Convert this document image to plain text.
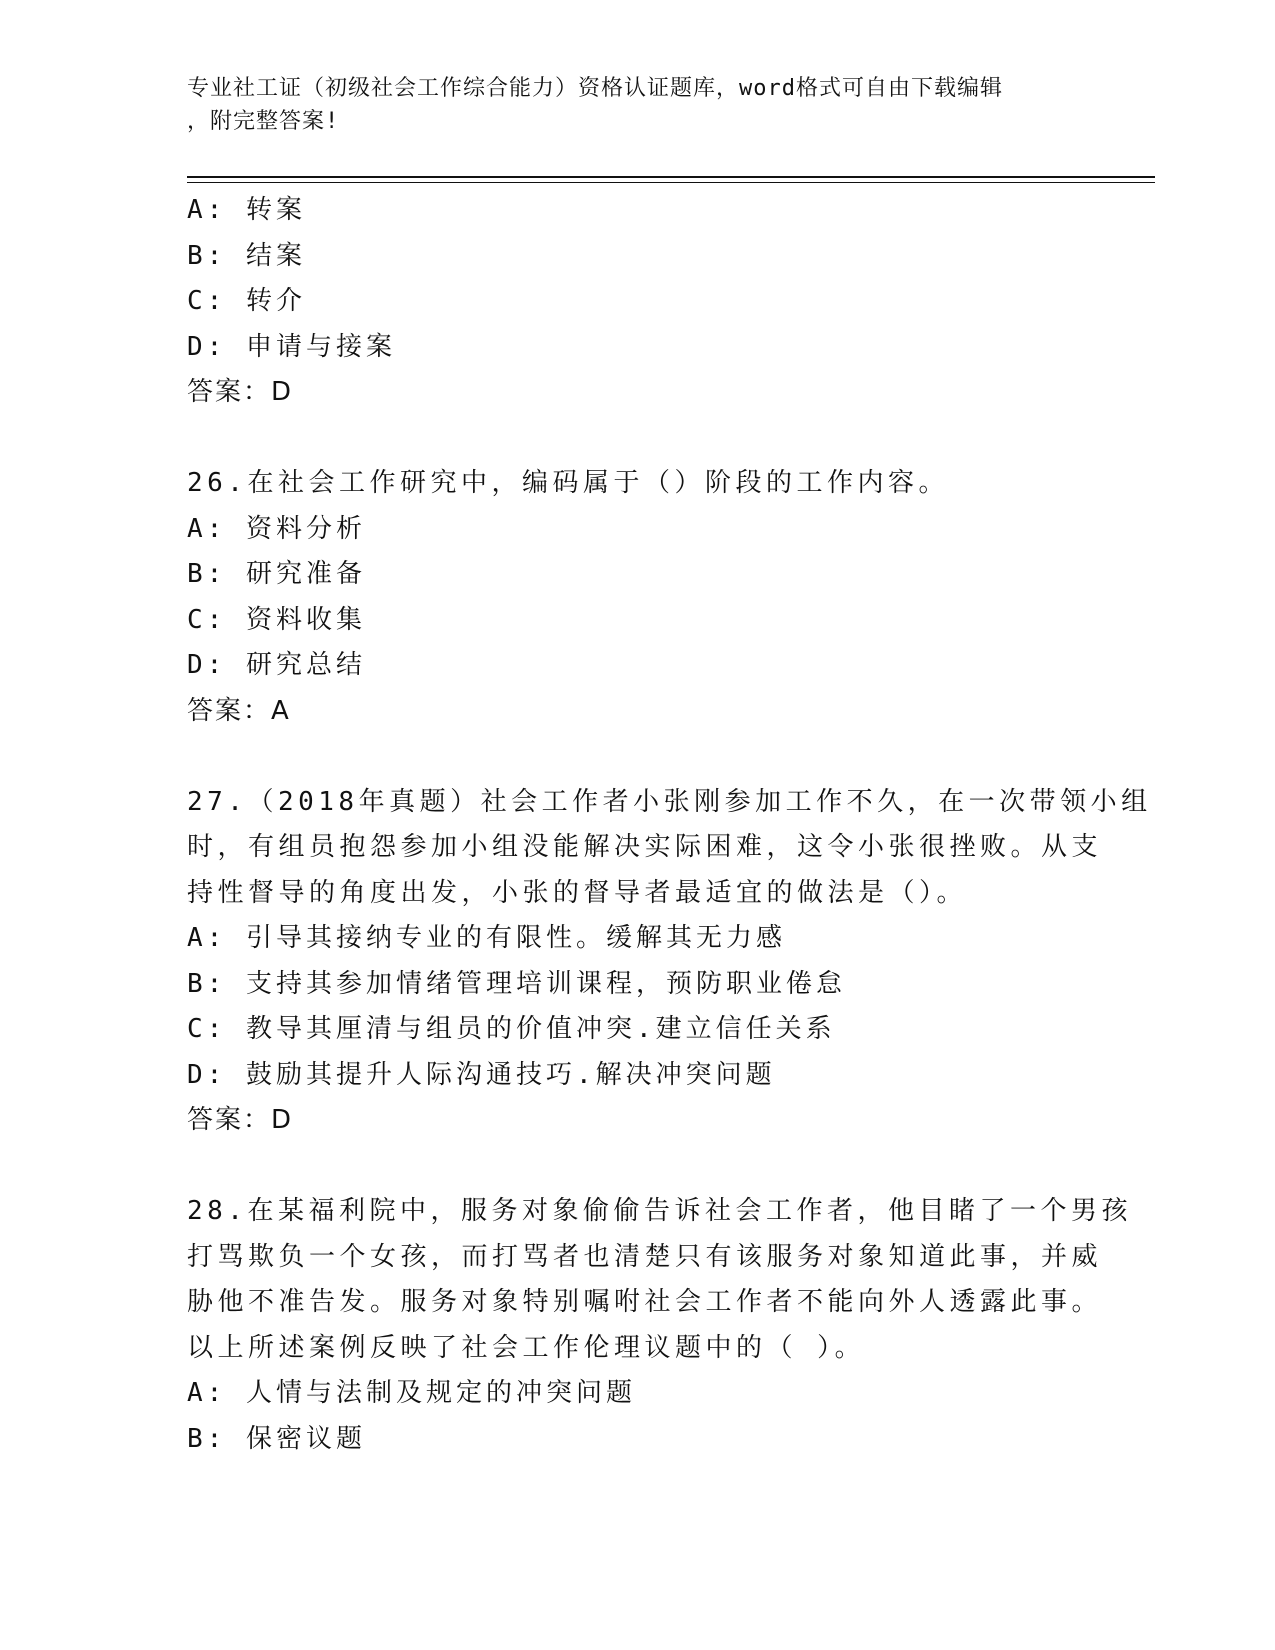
专业社工证（初级社会工作综合能力）资格认证题库，word格式可自由下载编辑
，附完整答案!
A: 转案
B: 结案
C: 转介
D: 申请与接案
答案：D
26.在社会工作研究中，编码属于（）阶段的工作内容。
A: 资料分析
B: 研究准备
C: 资料收集
D: 研究总结
答案：A
27.（2018年真题）社会工作者小张刚参加工作不久，在一次带领小组
时，有组员抱怨参加小组没能解决实际困难，这令小张很挫败。从支
持性督导的角度出发，小张的督导者最适宜的做法是（）。
A: 引导其接纳专业的有限性。缓解其无力感
B: 支持其参加情绪管理培训课程，预防职业倦怠
C: 教导其厘清与组员的价值冲突.建立信任关系
D: 鼓励其提升人际沟通技巧.解决冲突问题
答案：D
28.在某福利院中，服务对象偷偷告诉社会工作者，他目睹了一个男孩
打骂欺负一个女孩，而打骂者也清楚只有该服务对象知道此事，并威
胁他不准告发。服务对象特别嘱咐社会工作者不能向外人透露此事。
以上所述案例反映了社会工作伦理议题中的（ ）。
A: 人情与法制及规定的冲突问题
B: 保密议题
